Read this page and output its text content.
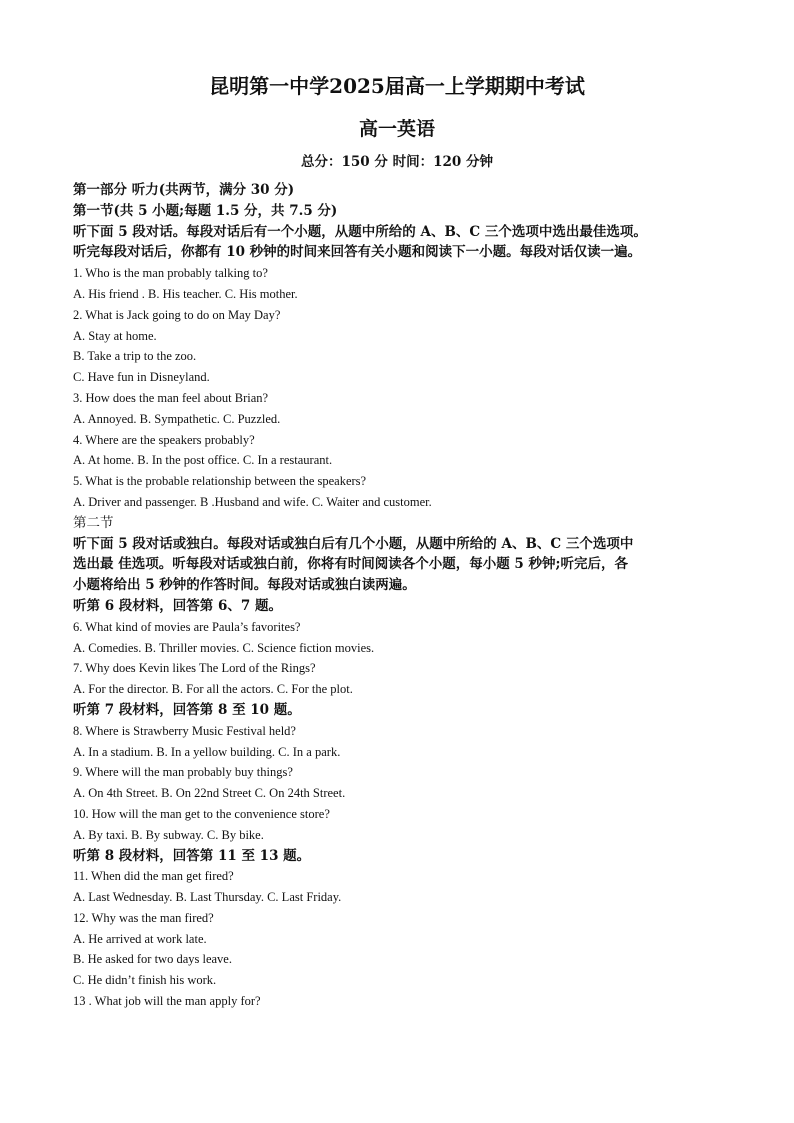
昆明第一中学2025届高一上学期期中考试
高一英语
总分：150 分 时间：120 分钟
第一部分 听力(共两节，满分 30 分)
第一节(共 5 小题;每题 1.5 分，共 7.5 分)
听下面 5 段对话。每段对话后有一个小题，从题中所给的 A、B、C 三个选项中选出最佳选项。
听完每段对话后，你都有 10 秒钟的时间来回答有关小题和阅读下一小题。每段对话仅读一遍。
1. Who is the man probably talking to?
A. His friend . B. His teacher. C. His mother.
2. What is Jack going to do on May Day?
A. Stay at home.
B. Take a trip to the zoo.
C. Have fun in Disneyland.
3. How does the man feel about Brian?
A. Annoyed. B. Sympathetic. C. Puzzled.
4. Where are the speakers probably?
A. At home. B. In the post office. C. In a restaurant.
5. What is the probable relationship between the speakers?
A. Driver and passenger. B .Husband and wife. C. Waiter and customer.
第二节
听下面 5 段对话或独白。每段对话或独白后有几个小题，从题中所给的 A、B、C 三个选项中
选出最 佳选项。听每段对话或独白前，你将有时间阅读各个小题，每小题 5 秒钟;听完后，各
小题将给出 5 秒钟的作答时间。每段对话或独白读两遍。
听第 6 段材料，回答第 6、7 题。
6. What kind of movies are Paula’s favorites?
A. Comedies. B. Thriller movies. C. Science fiction movies.
7. Why does Kevin likes The Lord of the Rings?
A. For the director. B. For all the actors. C. For the plot.
听第 7 段材料，回答第 8 至 10 题。
8. Where is Strawberry Music Festival held?
A. In a stadium. B. In a yellow building. C. In a park.
9. Where will the man probably buy things?
A. On 4th Street. B. On 22nd Street C. On 24th Street.
10. How will the man get to the convenience store?
A. By taxi. B. By subway. C. By bike.
听第 8 段材料，回答第 11 至 13 题。
11. When did the man get fired?
A. Last Wednesday. B. Last Thursday. C. Last Friday.
12. Why was the man fired?
A. He arrived at work late.
B. He asked for two days leave.
C. He didn’t finish his work.
13 . What job will the man apply for?
